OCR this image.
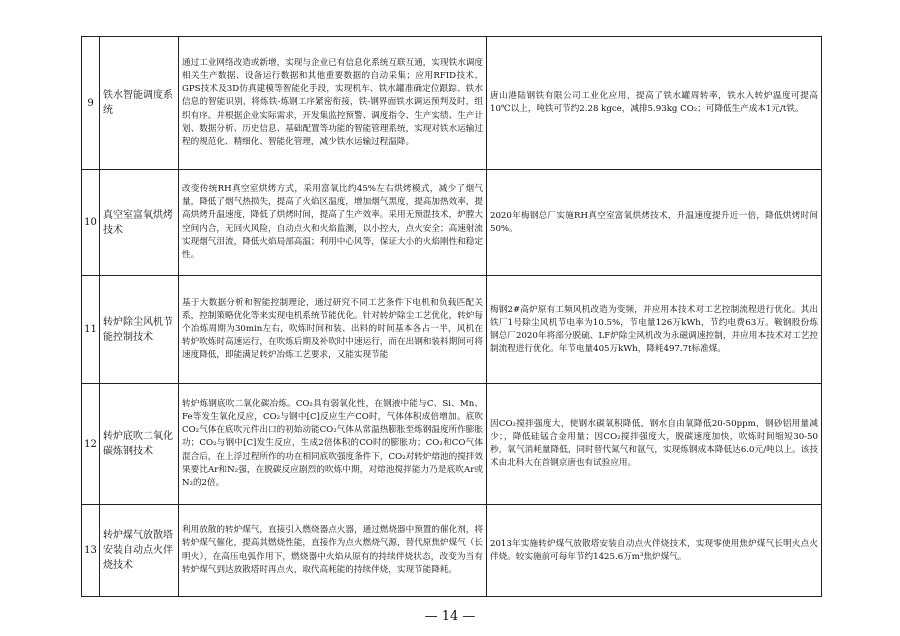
9	铁水智能调度系统	通过工业网络改造或新增，实现与企业已有信息化系统互联互通，实现铁水调度相关生产数据、设备运行数据和其他重要数据的自动采集；应用RFID技术、GPS技术及3D仿真建模等智能化手段，实现机车、铁水罐准确定位跟踪、铁水信息的智能识别，将炼铁-炼钢工序紧密衔接，铁-钢界面铁水调运预判及时，组织有序。并根据企业实际需求，开发集监控预警、调度指令、生产实绩、生产计划、数据分析、历史信息、基础配置等功能的智能管理系统，实现对铁水运输过程的规范化、精细化、智能化管理，减少铁水运输过程温降。	唐山港陆钢铁有限公司工业化应用，提高了铁水罐周转率，铁水入转炉温度可提高10℃以上，吨铁可节约2.28 kgce，减排5.93kg CO₂；可降低生产成本1元/t铁。
10	真空室富氧烘烤技术	改变传统RH真空室烘烤方式，采用富氧比约45%左右烘烤模式，减少了烟气量，降低了烟气热损失，提高了火焰区温度，增加烟气黑度，提高加热效率，提高烘烤升温速度，降低了烘烤时间，提高了生产效率。采用无预混技术，炉膛大空间内合，无回火风险，自动点火和火焰监测，以小控大，点火安全；高速射流实现烟气泪流，降低火焰局部高温；利用中心风等，保证大小的火焰刚性和稳定性。	2020年梅钢总厂实施RH真空室富氧烘烤技术，升温速度提升近一倍，降低烘烤时间50%。
11	转炉除尘风机节能控制技术	基于大数据分析和智能控制理论，通过研究不同工艺条件下电机和负载匹配关系，控制策略优化等来实现电机系统节能优化。针对转炉除尘工艺优化，转炉每个冶炼周期为30min左右，吹炼时间和装、出料的时间基本各占一半，风机在转炉吹炼时高速运行，在吹炼后期及补吹时中速运行，而在出钢和装料期间可将速度降低，即能满足转炉冶炼工艺要求，又能实现节能	梅钢2#高炉原有工频风机改造为变频，并应用本技术对工艺控制流程进行优化。其出铁厂1号除尘风机节电率为10.5%，节电量126万kWh，节约电费63万。鞍钢股份炼钢总厂2020年将部分脱硫、LF炉除尘风机改为永磁调速控制，并应用本技术对工艺控制流程进行优化。年节电量405万kWh，降耗497.7t标准煤。
12	转炉底吹二氧化碳炼钢技术	转炉炼钢底吹二氧化碳冶炼。CO₂具有弱氧化性，在钢液中能与C、Si、Mn、Fe等发生氧化反应，CO₂与钢中[C]反应生产CO时，气体体积成倍增加。底吹CO₂气体在底吹元件出口的初始动能CO₂气体从常温热膨胀至炼钢温度所作膨胀功；CO₂与钢中[C]发生反应，生成2倍体积的CO时的膨胀功；CO₂和CO气体混合后，在上浮过程所作的功在相同底吹强度条件下，CO₂对转炉熔池的搅拌效果要比Ar和N₂强，在脱碳反应剧烈的吹炼中期，对熔池搅拌能力乃是底吹Ar或N₂的2倍。	因CO₂搅拌强度大，使钢水碳氧积降低，钢水自由氧降低20-50ppm，钢砂铝用量减少；，降低硅锰合金用量；因CO₂搅拌强度大，脱碳速度加快，吹炼时间缩短30-50秒，氧气消耗量降低，同时替代氮气和氩气，实现炼钢成本降低达6.0元/吨以上。该技术由北科大在首钢京唐也有试验应用。
13	转炉煤气放散塔安装自动点火伴烧技术	利用放散的转炉煤气，直接引入燃烧器点火器，通过燃烧器中预置的催化剂，将转炉煤气催化，提高其燃烧性能，直接作为点火燃烧气源，替代原焦炉煤气（长明火），在高压电弧作用下，燃烧器中火焰从原有的持续伴烧状态，改变为当有转炉煤气到达放散塔时再点火，取代高耗能的持续伴烧，实现节能降耗。	2013年实施转炉煤气放散塔安装自动点火伴烧技术，实现零使用焦炉煤气长明火点火伴烧。较实施前可每年节约1425.6万m³焦炉煤气。
— 14 —
